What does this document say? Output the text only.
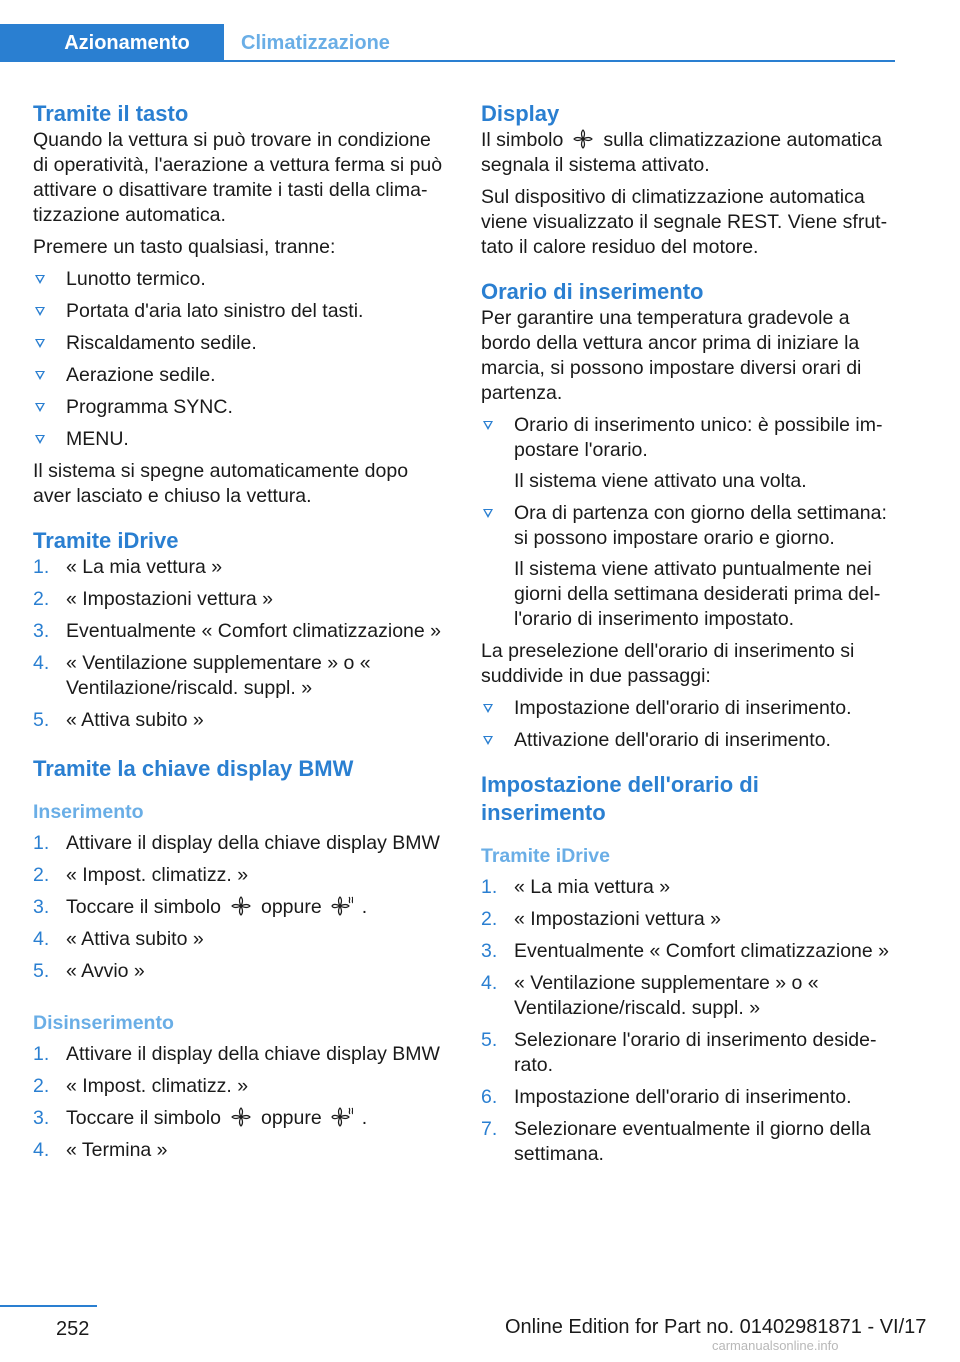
Azionamento	Climatizzazione
Tramite il tasto

Quando la vettura si può trovare in condizione di operatività, l'aerazione a vettura ferma si può attivare o disattivare tramite i tasti della clima-tizzazione automatica.

Premere un tasto qualsiasi, tranne:

Lunotto termico.
Portata d'aria lato sinistro del tasti.
Riscaldamento sedile.
Aerazione sedile.
Programma SYNC.
MENU.

Il sistema si spegne automaticamente dopo aver lasciato e chiuso la vettura.

Tramite iDrive
1. « La mia vettura »
2. « Impostazioni vettura »
3. Eventualmente « Comfort climatizzazione »
4. « Ventilazione supplementare » o « Ventilazione/riscald. suppl. »
5. « Attiva subito »
Tramite la chiave display BMW
Inserimento
1. Attivare il display della chiave display BMW
2. « Impost. climatizz. »
3. Toccare il simbolo oppure .
4. « Attiva subito »
5. « Avvio »
Disinserimento
1. Attivare il display della chiave display BMW
2. « Impost. climatizz. »
3. Toccare il simbolo oppure .
4. « Termina »
Display

Il simbolo sulla climatizzazione automatica segnala il sistema attivato.

Sul dispositivo di climatizzazione automatica viene visualizzato il segnale REST. Viene sfrut-tato il calore residuo del motore.

Orario di inserimento

Per garantire una temperatura gradevole a bordo della vettura ancor prima di iniziare la marcia, si possono impostare diversi orari di partenza.

Orario di inserimento unico: è possibile im-postare l'orario.
Il sistema viene attivato una volta.
Ora di partenza con giorno della settimana: si possono impostare orario e giorno.
Il sistema viene attivato puntualmente nei giorni della settimana desiderati prima del-l'orario di inserimento impostato.

La preselezione dell'orario di inserimento si suddivide in due passaggi:

Impostazione dell'orario di inserimento.
Attivazione dell'orario di inserimento.
Impostazione dell'orario di inserimento
Tramite iDrive
1. « La mia vettura »
2. « Impostazioni vettura »
3. Eventualmente « Comfort climatizzazione »
4. « Ventilazione supplementare » o « Ventilazione/riscald. suppl. »
5. Selezionare l'orario di inserimento deside-rato.
6. Impostazione dell'orario di inserimento.
7. Selezionare eventualmente il giorno della settimana.
252	Online Edition for Part no. 01402981871 - VI/17
carmanualsonline.info
